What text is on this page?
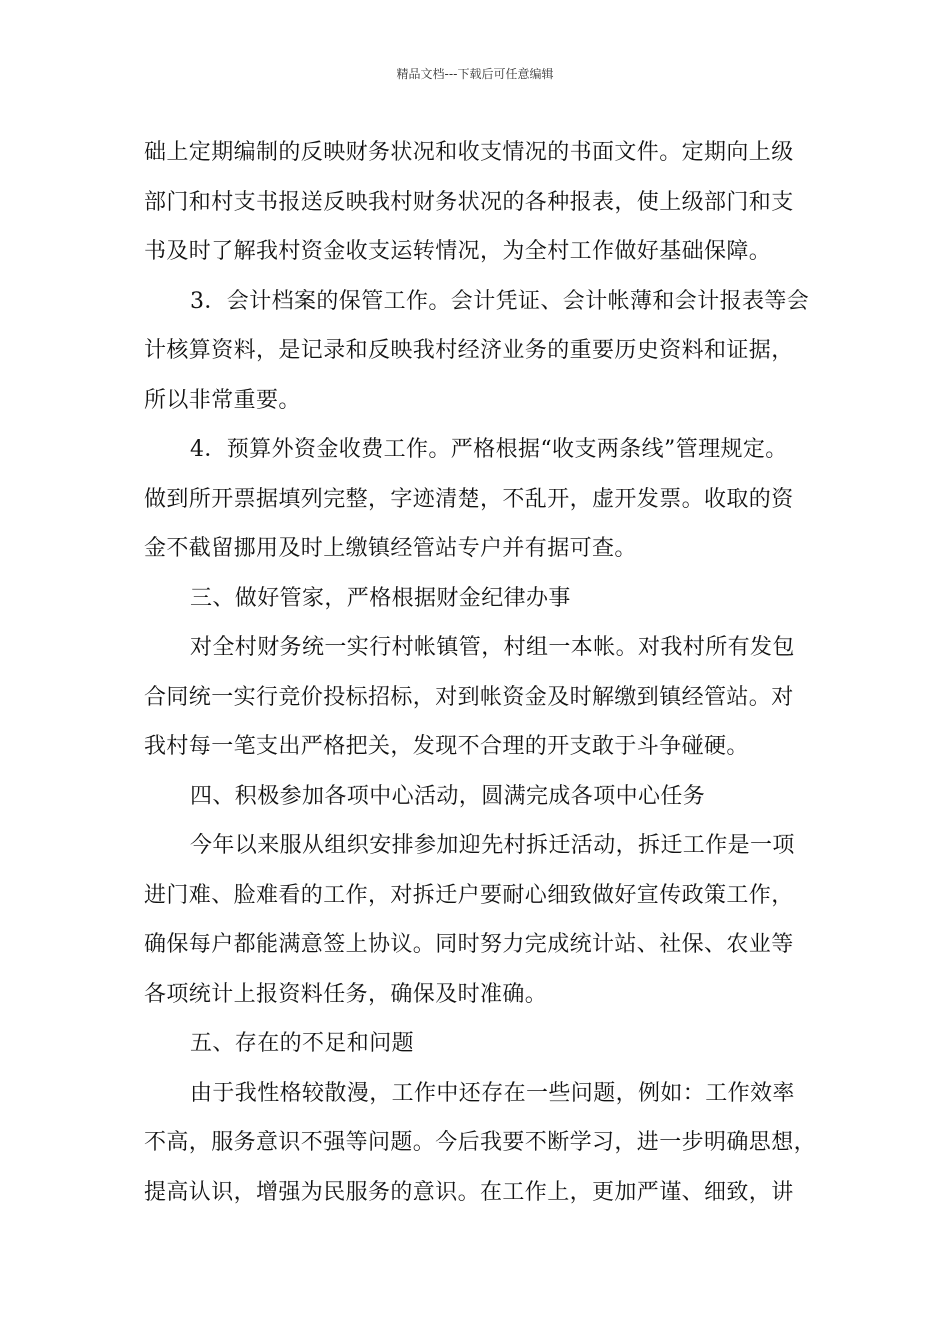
精品文档---下载后可任意编辑

础上定期编制的反映财务状况和收支情况的书面文件。定期向上级
部门和村支书报送反映我村财务状况的各种报表，使上级部门和支
书及时了解我村资金收支运转情况，为全村工作做好基础保障。

3．会计档案的保管工作。会计凭证、会计帐薄和会计报表等会
计核算资料，是记录和反映我村经济业务的重要历史资料和证据，
所以非常重要。

4．预算外资金收费工作。严格根据“收支两条线”管理规定。
做到所开票据填列完整，字迹清楚，不乱开，虚开发票。收取的资
金不截留挪用及时上缴镇经管站专户并有据可查。

三、做好管家，严格根据财金纪律办事

对全村财务统一实行村帐镇管，村组一本帐。对我村所有发包
合同统一实行竞价投标招标，对到帐资金及时解缴到镇经管站。对
我村每一笔支出严格把关，发现不合理的开支敢于斗争碰硬。

四、积极参加各项中心活动，圆满完成各项中心任务

今年以来服从组织安排参加迎先村拆迁活动，拆迁工作是一项
进门难、脸难看的工作，对拆迁户要耐心细致做好宣传政策工作，
确保每户都能满意签上协议。同时努力完成统计站、社保、农业等
各项统计上报资料任务，确保及时准确。

五、存在的不足和问题

由于我性格较散漫，工作中还存在一些问题，例如：工作效率
不高，服务意识不强等问题。今后我要不断学习，进一步明确思想，
提高认识，增强为民服务的意识。在工作上，更加严谨、细致，讲
